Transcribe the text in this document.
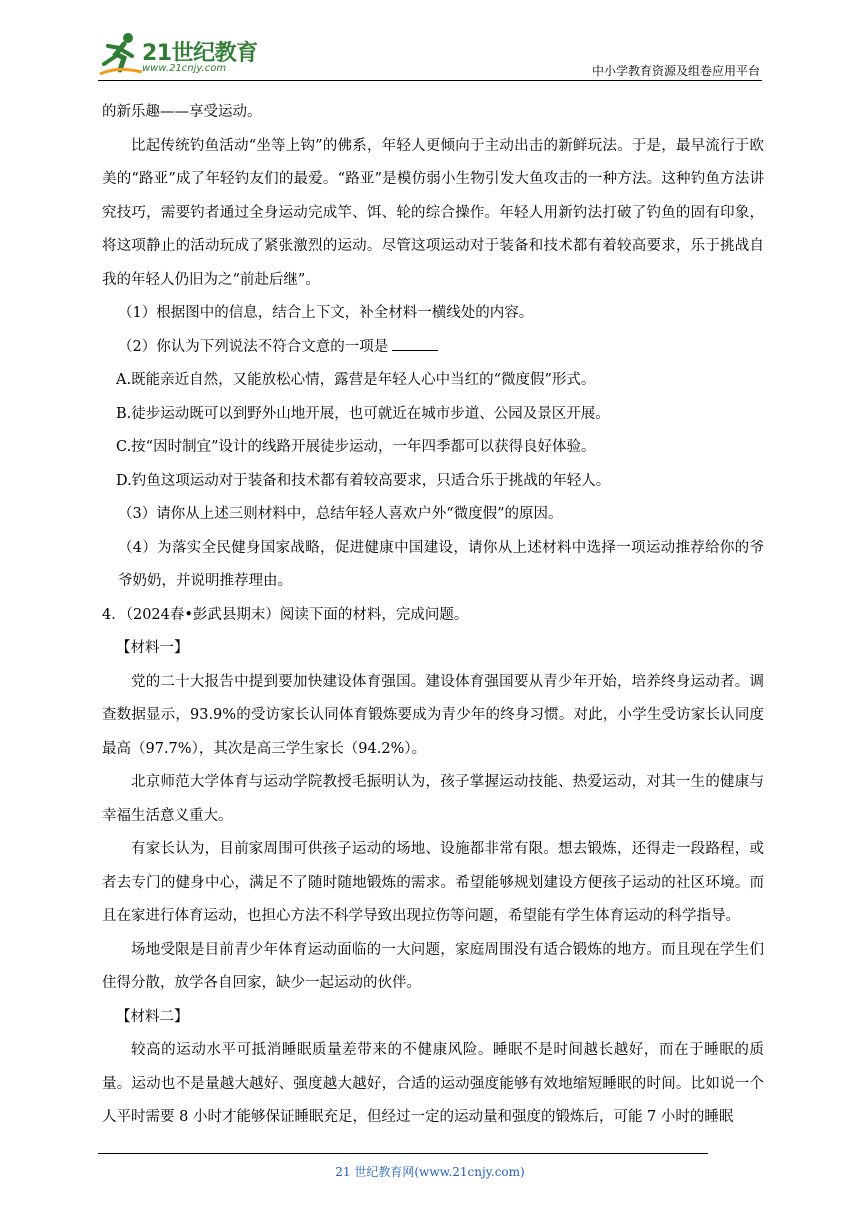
21世纪教育
www.21cnjy.com	中小学教育资源及组卷应用平台

的新乐趣——享受运动。

比起传统钓鱼活动“坐等上钩”的佛系，年轻人更倾向于主动出击的新鲜玩法。于是，最早流行于欧美的“路亚”成了年轻钓友们的最爱。“路亚”是模仿弱小生物引发大鱼攻击的一种方法。这种钓鱼方法讲究技巧，需要钓者通过全身运动完成竿、饵、轮的综合操作。年轻人用新钓法打破了钓鱼的固有印象，将这项静止的活动玩成了紧张激烈的运动。尽管这项运动对于装备和技术都有着较高要求，乐于挑战自我的年轻人仍旧为之“前赴后继”。

（1）根据图中的信息，结合上下文，补全材料一横线处的内容。

（2）你认为下列说法不符合文意的一项是

A.既能亲近自然，又能放松心情，露营是年轻人心中当红的“微度假”形式。

B.徒步运动既可以到野外山地开展，也可就近在城市步道、公园及景区开展。

C.按“因时制宜”设计的线路开展徒步运动，一年四季都可以获得良好体验。

D.钓鱼这项运动对于装备和技术都有着较高要求，只适合乐于挑战的年轻人。

（3）请你从上述三则材料中，总结年轻人喜欢户外“微度假”的原因。

（4）为落实全民健身国家战略，促进健康中国建设，请你从上述材料中选择一项运动推荐给你的爷爷奶奶，并说明推荐理由。

4．（2024春•彭武县期末）阅读下面的材料，完成问题。

【材料一】

党的二十大报告中提到要加快建设体育强国。建设体育强国要从青少年开始，培养终身运动者。调查数据显示，93.9%的受访家长认同体育锻炼要成为青少年的终身习惯。对此，小学生受访家长认同度最高（97.7%），其次是高三学生家长（94.2%）。

北京师范大学体育与运动学院教授毛振明认为，孩子掌握运动技能、热爱运动，对其一生的健康与幸福生活意义重大。

有家长认为，目前家周围可供孩子运动的场地、设施都非常有限。想去锻炼，还得走一段路程，或者去专门的健身中心，满足不了随时随地锻炼的需求。希望能够规划建设方便孩子运动的社区环境。而且在家进行体育运动，也担心方法不科学导致出现拉伤等问题，希望能有学生体育运动的科学指导。

场地受限是目前青少年体育运动面临的一大问题，家庭周围没有适合锻炼的地方。而且现在学生们住得分散，放学各自回家，缺少一起运动的伙伴。

【材料二】

较高的运动水平可抵消睡眠质量差带来的不健康风险。睡眠不是时间越长越好，而在于睡眠的质量。运动也不是量越大越好、强度越大越好，合适的运动强度能够有效地缩短睡眠的时间。比如说一个人平时需要 8 小时才能够保证睡眠充足，但经过一定的运动量和强度的锻炼后，可能 7 小时的睡眠

21 世纪教育网(www.21cnjy.com)
